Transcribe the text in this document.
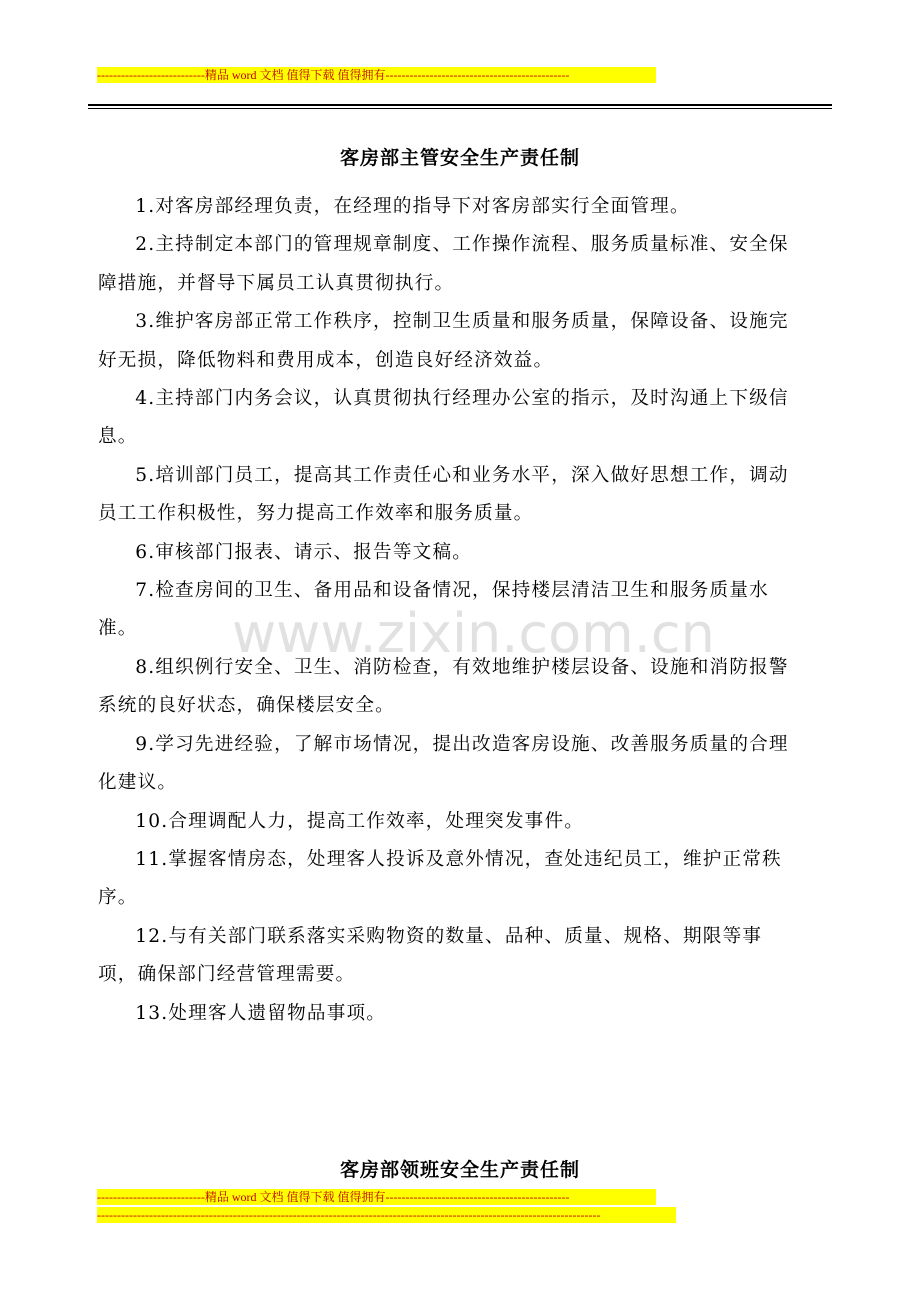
---------------------------精品 word 文档 值得下载 值得拥有----------------------------------------------
客房部主管安全生产责任制

1.对客房部经理负责，在经理的指导下对客房部实行全面管理。

2.主持制定本部门的管理规章制度、工作操作流程、服务质量标准、安全保障措施，并督导下属员工认真贯彻执行。

3.维护客房部正常工作秩序，控制卫生质量和服务质量，保障设备、设施完好无损，降低物料和费用成本，创造良好经济效益。

4.主持部门内务会议，认真贯彻执行经理办公室的指示，及时沟通上下级信息。

5.培训部门员工，提高其工作责任心和业务水平，深入做好思想工作，调动员工工作积极性，努力提高工作效率和服务质量。

6.审核部门报表、请示、报告等文稿。

7.检查房间的卫生、备用品和设备情况，保持楼层清洁卫生和服务质量水准。

8.组织例行安全、卫生、消防检查，有效地维护楼层设备、设施和消防报警系统的良好状态，确保楼层安全。

9.学习先进经验，了解市场情况，提出改造客房设施、改善服务质量的合理化建议。

10.合理调配人力，提高工作效率，处理突发事件。

11.掌握客情房态，处理客人投诉及意外情况，查处违纪员工，维护正常秩序。

12.与有关部门联系落实采购物资的数量、品种、质量、规格、期限等事项，确保部门经营管理需要。

13.处理客人遗留物品事项。

www.zixin.com.cn
客房部领班安全生产责任制
---------------------------精品 word 文档 值得下载 值得拥有----------------------------------------------
------------------------------------------------------------------------------------------------------------------------------
